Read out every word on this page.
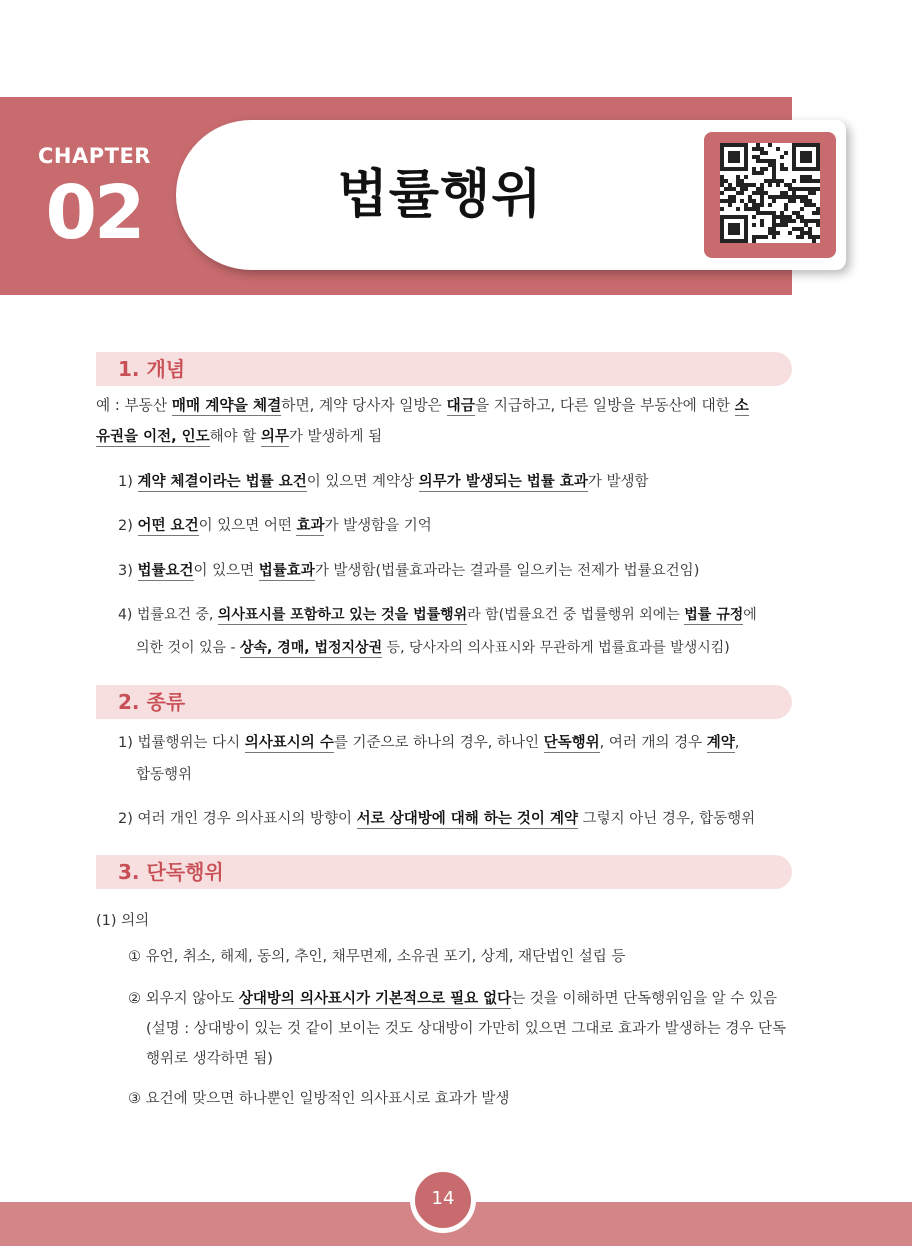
CHAPTER
02	법률행위
1. 개념
예 : 부동산 매매 계약을 체결하면, 계약 당사자 일방은 대금을 지급하고, 다른 일방을 부동산에 대한 소
유권을 이전, 인도해야 할 의무가 발생하게 됨
1) 계약 체결이라는 법률 요건이 있으면 계약상 의무가 발생되는 법률 효과가 발생함
2) 어떤 요건이 있으면 어떤 효과가 발생함을 기억
3) 법률요건이 있으면 법률효과가 발생함(법률효과라는 결과를 일으키는 전제가 법률요건임)
4) 법률요건 중, 의사표시를 포함하고 있는 것을 법률행위라 함(법률요건 중 법률행위 외에는 법률 규정에
의한 것이 있음 - 상속, 경매, 법정지상권 등, 당사자의 의사표시와 무관하게 법률효과를 발생시킴)
2. 종류
1) 법률행위는 다시 의사표시의 수를 기준으로 하나의 경우, 하나인 단독행위, 여러 개의 경우 계약,
합동행위
2) 여러 개인 경우 의사표시의 방향이 서로 상대방에 대해 하는 것이 계약 그렇지 아닌 경우, 합동행위
3. 단독행위
(1) 의의
① 유언, 취소, 해제, 동의, 추인, 채무면제, 소유권 포기, 상계, 재단법인 설립 등
② 외우지 않아도 상대방의 의사표시가 기본적으로 필요 없다는 것을 이해하면 단독행위임을 알 수 있음
(설명 : 상대방이 있는 것 같이 보이는 것도 상대방이 가만히 있으면 그대로 효과가 발생하는 경우 단독
행위로 생각하면 됨)
③ 요건에 맞으면 하나뿐인 일방적인 의사표시로 효과가 발생
14
